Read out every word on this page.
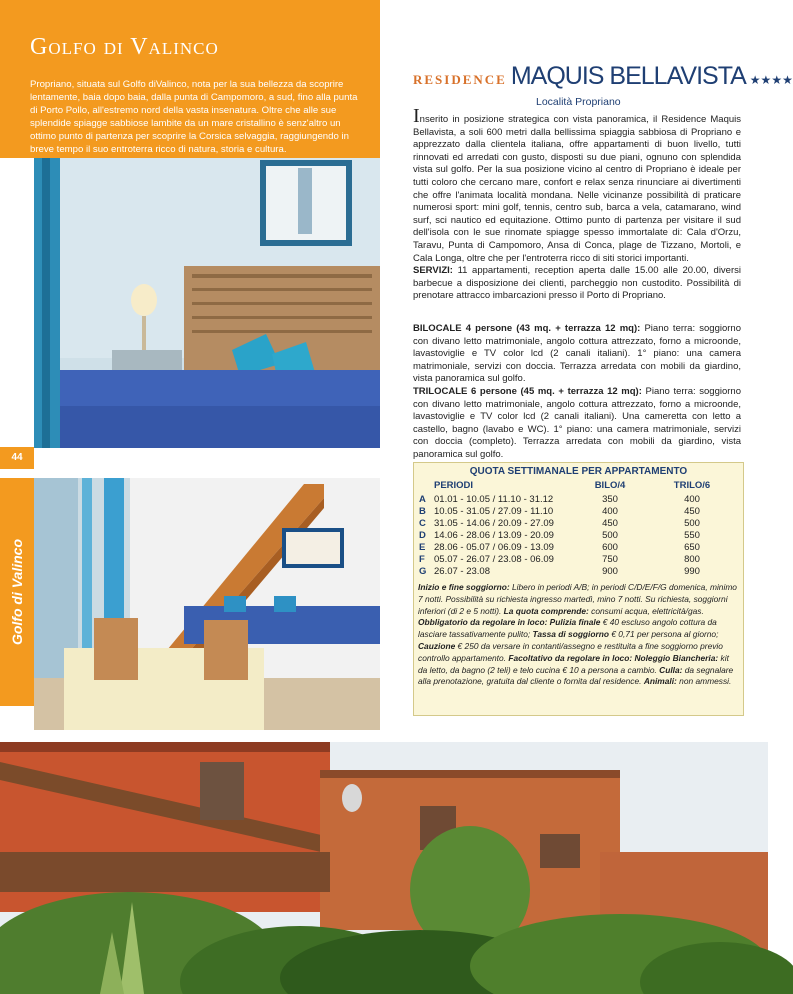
Golfo di Valinco
Propriano, situata sul Golfo diValinco, nota per la sua bellezza da scoprire lentamente, baia dopo baia, dalla punta di Campomoro, a sud, fino alla punta di Porto Pollo, all'estremo nord della vasta insenatura. Oltre che alle sue splendide spiagge sabbiose lambite da un mare cristallino è senz'altro un ottimo punto di partenza per scoprire la Corsica selvaggia, raggiungendo in breve tempo il suo entroterra ricco di natura, storia e cultura.
44
Golfo di Valinco
RESIDENCE MAQUIS BELLAVISTA ★★★★
Località Propriano
Inserito in posizione strategica con vista panoramica, il Residence Maquis Bellavista, a soli 600 metri dalla bellissima spiaggia sabbiosa di Propriano e apprezzato dalla clientela italiana, offre appartamenti di buon livello, tutti rinnovati ed arredati con gusto, disposti su due piani, ognuno con splendida vista sul golfo. Per la sua posizione vicino al centro di Propriano è ideale per tutti coloro che cercano mare, confort e relax senza rinunciare ai divertimenti che offre l'animata località mondana. Nelle vicinanze possibilità di praticare numerosi sport: mini golf, tennis, centro sub, barca a vela, catamarano, wind surf, sci nautico ed equitazione. Ottimo punto di partenza per visitare il sud dell'isola con le sue rinomate spiagge spesso immortalate di: Cala d'Orzu, Taravu, Punta di Campomoro, Ansa di Conca, plage de Tizzano, Mortoli, e Cala Longa, oltre che per l'entroterra ricco di siti storici importanti.
SERVIZI: 11 appartamenti, reception aperta dalle 15.00 alle 20.00, diversi barbecue a disposizione dei clienti, parcheggio non custodito. Possibilità di prenotare attracco imbarcazioni presso il Porto di Propriano.
BILOCALE 4 persone (43 mq. + terrazza 12 mq): Piano terra: soggiorno con divano letto matrimoniale, angolo cottura attrezzato, forno a microonde, lavastoviglie e TV color lcd (2 canali italiani). 1° piano: una camera matrimoniale, servizi con doccia. Terrazza arredata con mobili da giardino, vista panoramica sul golfo.
TRILOCALE 6 persone (45 mq. + terrazza 12 mq): Piano terra: soggiorno con divano letto matrimoniale, angolo cottura attrezzato, forno a microonde, lavastoviglie e TV color lcd (2 canali italiani). Una cameretta con letto a castello, bagno (lavabo e WC). 1° piano: una camera matrimoniale, servizi con doccia (completo). Terrazza arredata con mobili da giardino, vista panoramica sul golfo.
QUOTA SETTIMANALE PER APPARTAMENTO
PERIODI	BILO/4	TRILO/6
A 01.01 - 10.05 / 11.10 - 31.12	350	400
B 10.05 - 31.05 / 27.09 - 11.10	400	450
C 31.05 - 14.06 / 20.09 - 27.09	450	500
D 14.06 - 28.06 / 13.09 - 20.09	500	550
E 28.06 - 05.07 / 06.09 - 13.09	600	650
F 05.07 - 26.07 / 23.08 - 06.09	750	800
G 26.07 - 23.08	900	990
Inizio e fine soggiorno: Libero in periodi A/B; in periodi C/D/E/F/G domenica, minimo 7 notti. Possibilità su richiesta ingresso martedì, mino 7 notti. Su richiesta, soggiorni inferiori (di 2 e 5 notti). La quota comprende: consumi acqua, elettricità/gas. Obbligatorio da regolare in loco: Pulizia finale € 40 escluso angolo cottura da lasciare tassativamente pulito; Tassa di soggiorno € 0,71 per persona al giorno; Cauzione € 250 da versare in contanti/assegno e restituita a fine soggiorno previo controllo appartamento. Facoltativo da regolare in loco: Noleggio Biancheria: kit da letto, da bagno (2 teli) e telo cucina € 10 a persona a cambio. Culla: da segnalare alla prenotazione, gratuita dal cliente o fornita dal residence. Animali: non ammessi.
